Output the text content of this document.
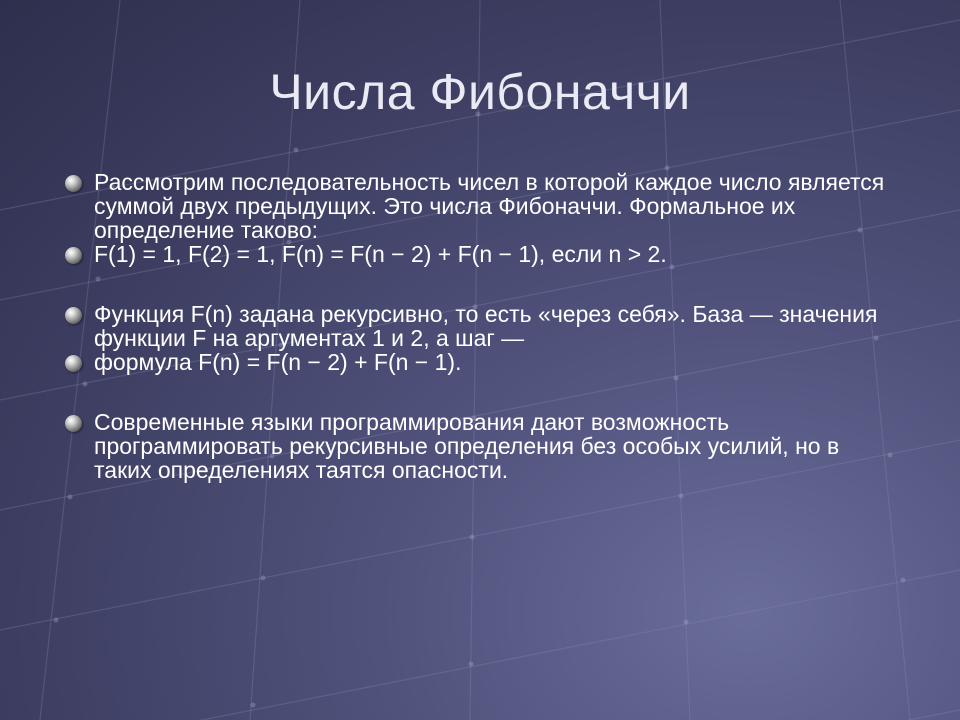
Числа Фибоначчи
Рассмотрим последовательность чисел в которой каждое число является суммой двух предыдущих. Это числа Фибоначчи. Формальное их определение таково:
F(1) = 1, F(2) = 1, F(n) = F(n − 2) + F(n − 1), если n > 2.
Функция F(n) задана рекурсивно, то есть «через себя». База — значения функции F на аргументах 1 и 2, а шаг —
формула F(n) = F(n − 2) + F(n − 1).
Современные языки программирования дают возможность программировать рекурсивные определения без особых усилий, но в таких определениях таятся опасности.
